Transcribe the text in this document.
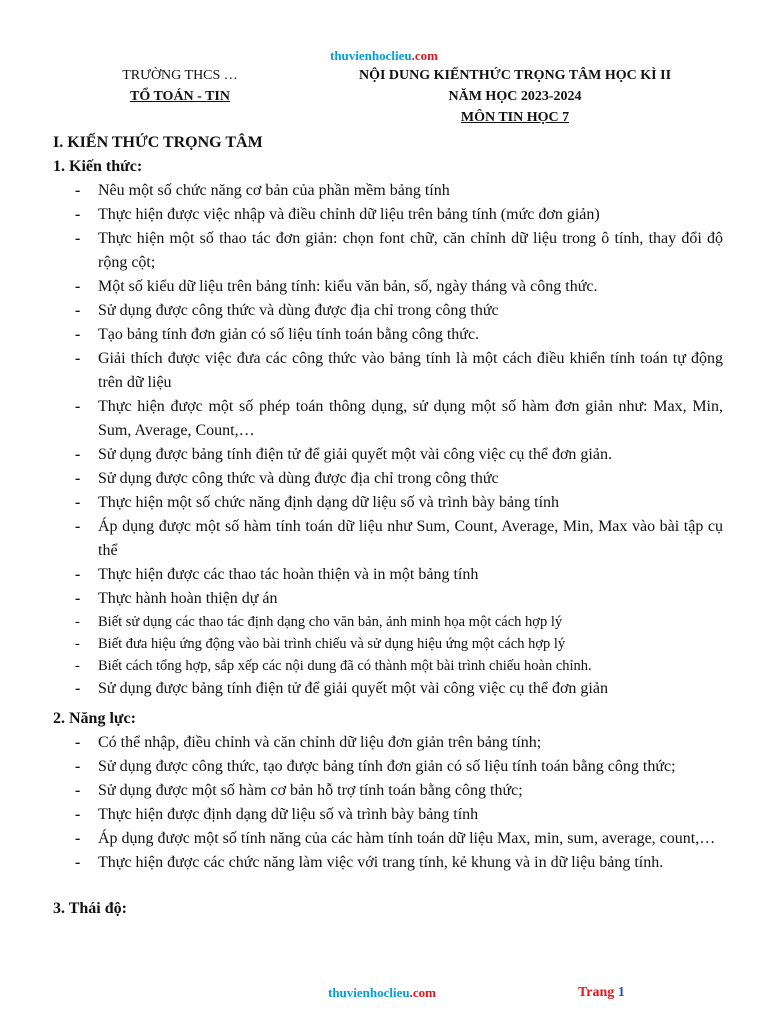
thuvienhoclieu.com
TRƯỜNG THCS …
TỔ TOÁN - TIN
NỘI DUNG KIẾNTHỨC TRỌNG TÂM HỌC KÌ II
NĂM HỌC 2023-2024
MÔN TIN HỌC 7
I. KIẾN THỨC TRỌNG TÂM
1. Kiến thức:
- Nêu một số chức năng cơ bản của phần mềm bảng tính
- Thực hiện được việc nhập và điều chỉnh dữ liệu trên bảng tính (mức đơn giản)
- Thực hiện một số thao tác đơn giản: chọn font chữ, căn chỉnh dữ liệu trong ô tính, thay đổi độ rộng cột;
- Một số kiểu dữ liệu trên bảng tính: kiểu văn bản, số, ngày tháng và công thức.
- Sử dụng được công thức và dùng được địa chỉ trong công thức
- Tạo bảng tính đơn giản có số liệu tính toán bằng công thức.
- Giải thích được việc đưa các công thức vào bảng tính là một cách điều khiển tính toán tự động trên dữ liệu
- Thực hiện được một số phép toán thông dụng, sử dụng một số hàm đơn giản như: Max, Min, Sum, Average, Count,…
- Sử dụng được bảng tính điện tử để giải quyết một vài công việc cụ thể đơn giản.
- Sử dụng được công thức và dùng được địa chỉ trong công thức
- Thực hiện một số chức năng định dạng dữ liệu số và trình bày bảng tính
- Áp dụng được một số hàm tính toán dữ liệu như Sum, Count, Average, Min, Max vào bài tập cụ thể
- Thực hiện được các thao tác hoàn thiện và in một bảng tính
- Thực hành hoàn thiện dự án
- Biết sử dụng các thao tác định dạng cho văn bản, ảnh minh họa một cách hợp lý
- Biết đưa hiệu ứng động vào bài trình chiếu và sử dụng hiệu ứng một cách hợp lý
- Biết cách tổng hợp, sắp xếp các nội dung đã có thành một bài trình chiếu hoàn chỉnh.
- Sử dụng được bảng tính điện tử để giải quyết một vài công việc cụ thể đơn giản
2. Năng lực:
- Có thể nhập, điều chỉnh và căn chỉnh dữ liệu đơn giản trên bảng tính;
- Sử dụng được công thức, tạo được bảng tính đơn giản có số liệu tính toán bằng công thức;
- Sử dụng được một số hàm cơ bản hỗ trợ tính toán bằng công thức;
- Thực hiện được định dạng dữ liệu số và trình bày bảng tính
- Áp dụng được một số tính năng của các hàm tính toán dữ liệu Max, min, sum, average, count,…
- Thực hiện được các chức năng làm việc với trang tính, kẻ khung và in dữ liệu bảng tính.
3. Thái độ:
thuvienhoclieu.com	Trang 1
